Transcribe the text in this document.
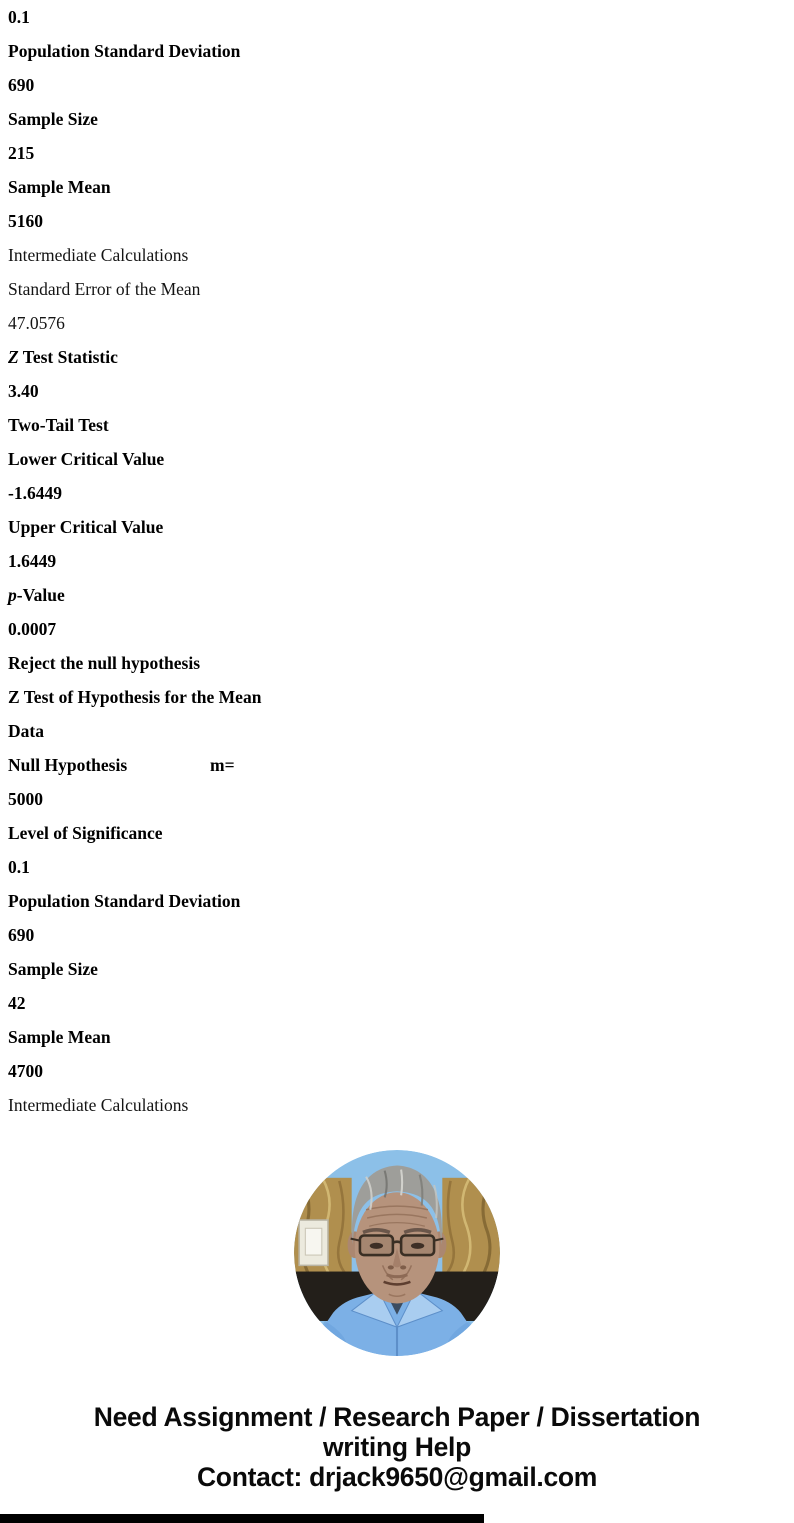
0.1
Population Standard Deviation
690
Sample Size
215
Sample Mean
5160
Intermediate Calculations
Standard Error of the Mean
47.0576
Z Test Statistic
3.40
Two-Tail Test
Lower Critical Value
-1.6449
Upper Critical Value
1.6449
p-Value
0.0007
Reject the null hypothesis
Z Test of Hypothesis for the Mean
Data
Null Hypothesis	m=
5000
Level of Significance
0.1
Population Standard Deviation
690
Sample Size
42
Sample Mean
4700
Intermediate Calculations
Need Assignment / Research Paper / Dissertation
writing Help
Contact: drjack9650@gmail.com
